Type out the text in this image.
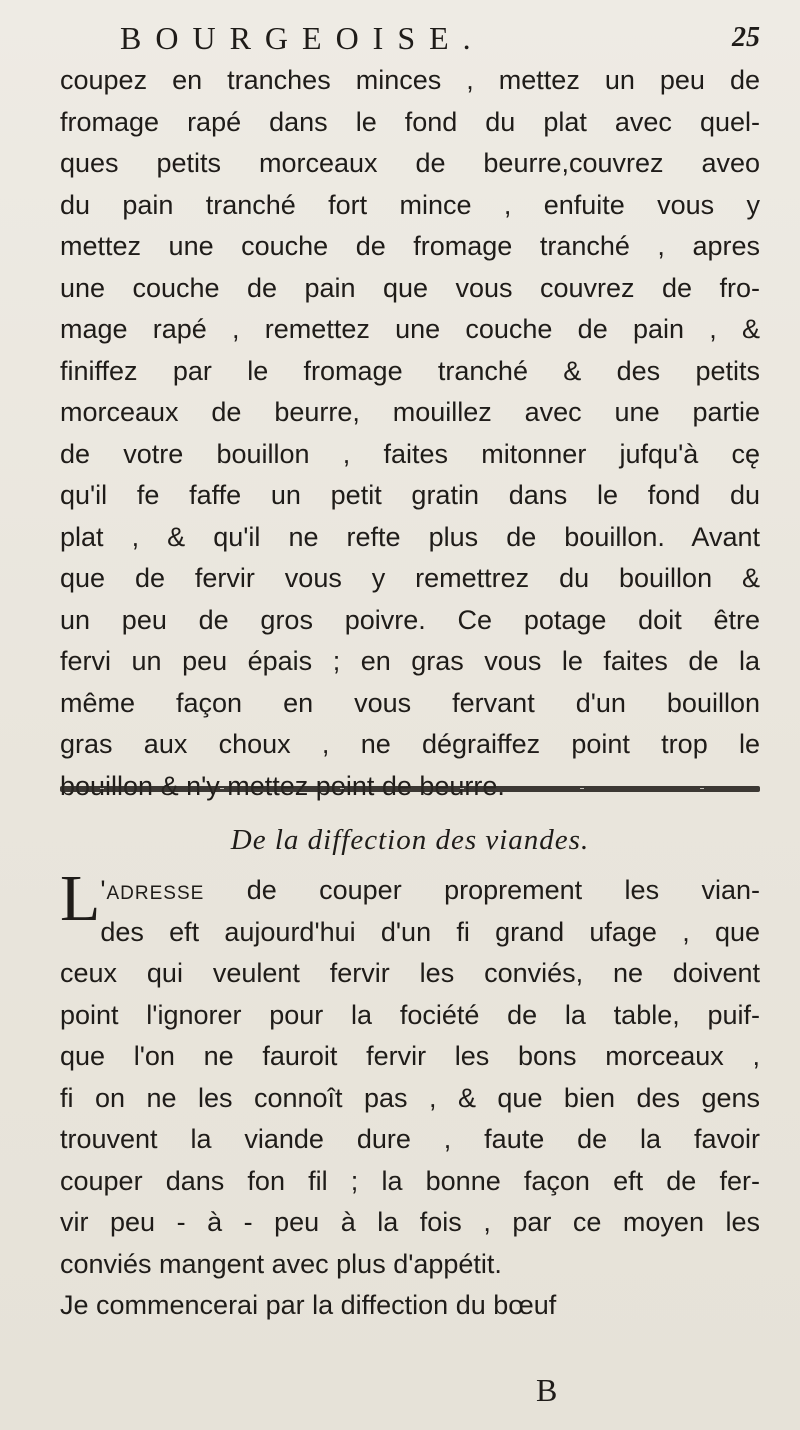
BOURGEOISE.	25
coupez en tranches minces , mettez un peu de
fromage rapé dans le fond du plat avec quel-
ques petits morceaux de beurre,couvrez aveo
du pain tranché fort mince , enfuite vous y
mettez une couche de fromage tranché , apres
une couche de pain que vous couvrez de fro-
mage rapé , remettez une couche de pain , &
finiffez par le fromage tranché & des petits
morceaux de beurre, mouillez avec une partie
de votre bouillon , faites mitonner jufqu'à cę
qu'il fe faffe un petit gratin dans le fond du
plat , & qu'il ne refte plus de bouillon. Avant
que de fervir vous y remettrez du bouillon &
un peu de gros poivre. Ce potage doit être
fervi un peu épais ; en gras vous le faites de la
même façon en vous fervant d'un bouillon
gras aux choux , ne dégraiffez point trop le
De la diffection des viandes.
L 'adresse de couper proprement les vian-
des eft aujourd'hui d'un fi grand ufage , que
ceux qui veulent fervir les conviés, ne doivent
point l'ignorer pour la fociété de la table, puif-
que l'on ne fauroit fervir les bons morceaux ,
fi on ne les connoît pas , & que bien des gens
trouvent la viande dure , faute de la favoir
couper dans fon fil ; la bonne façon eft de fer-
vir peu - à - peu à la fois , par ce moyen les
conviés mangent avec plus d'appétit.
Je commencerai par la diffection du bœuf
B
